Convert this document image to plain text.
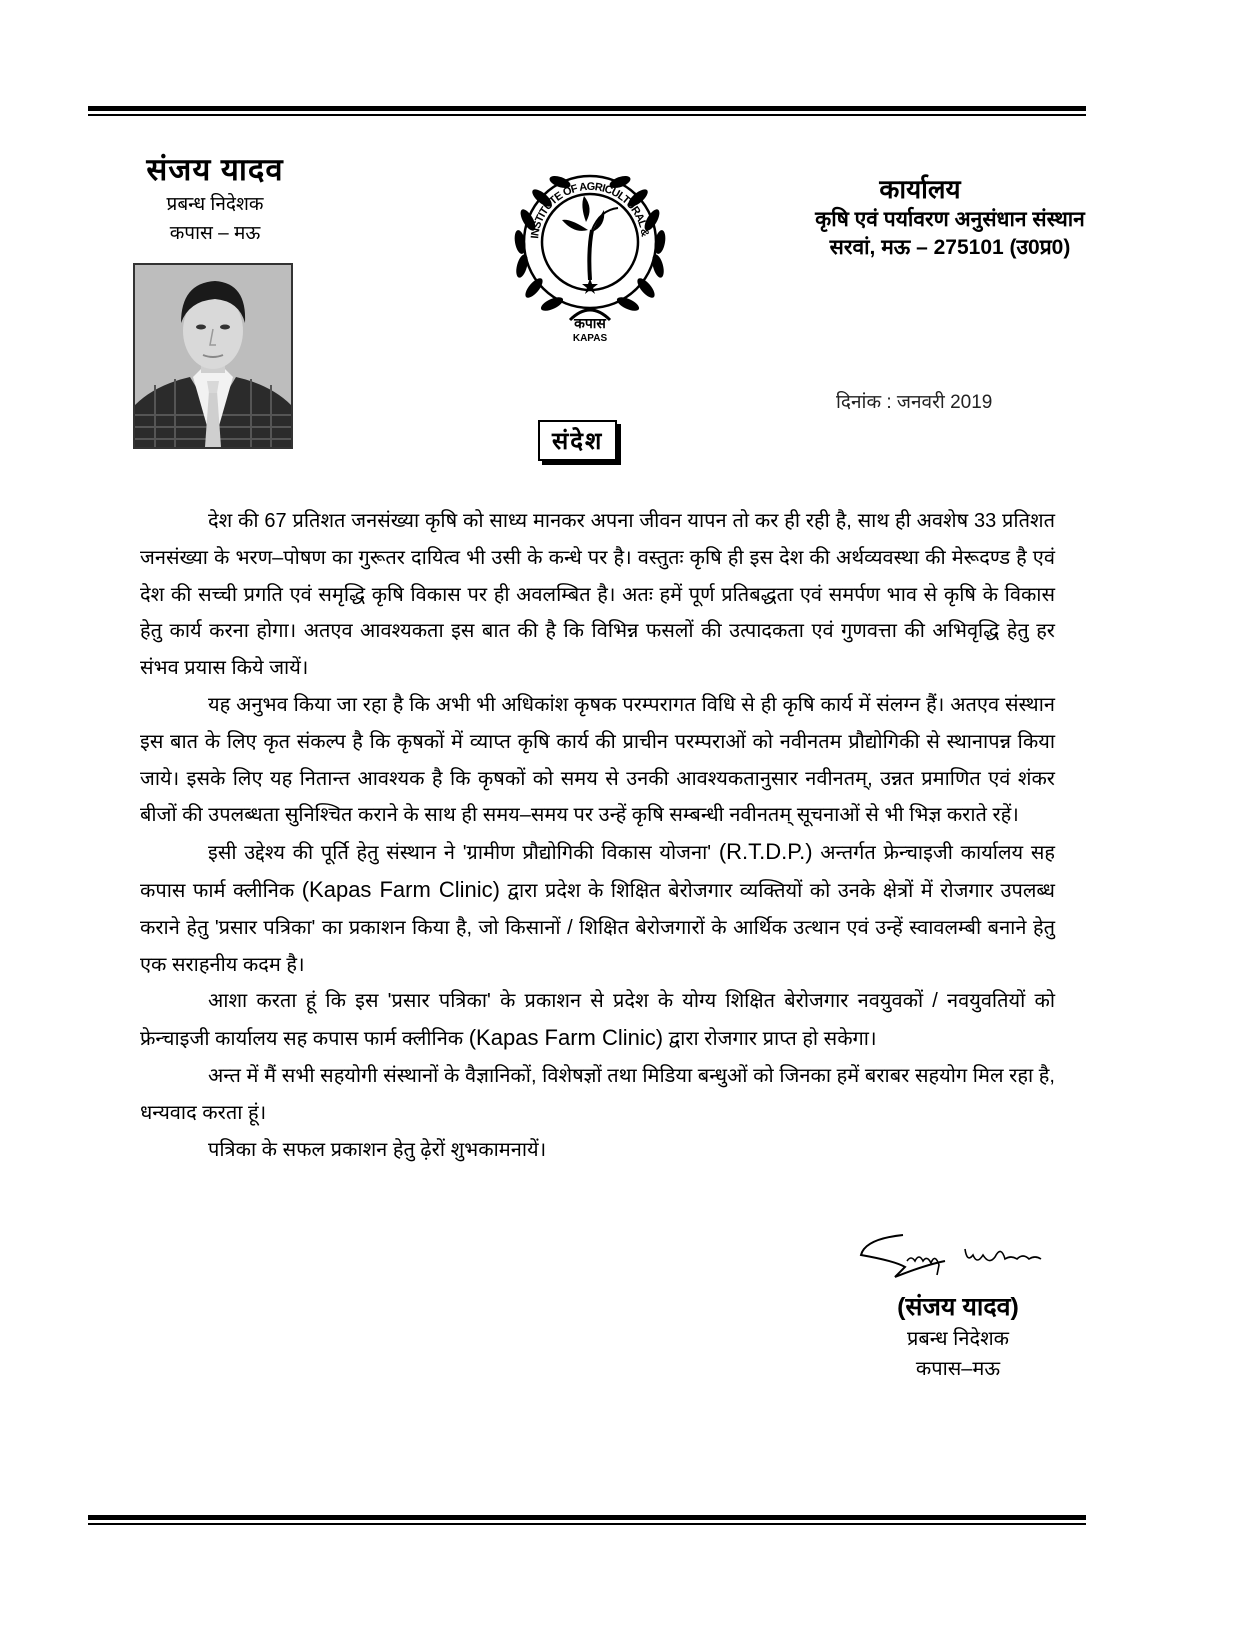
संजय यादव
प्रबन्ध निदेशक
कपास – मऊ	INSTITUTE OF AGRICULTURAL &
कपास
KAPAS
कार्यालय
कृषि एवं पर्यावरण अनुसंधान संस्थान
सरवां, मऊ – 275101 (उ0प्र0)
दिनांक : जनवरी 2019
संदेश

देश की 67 प्रतिशत जनसंख्या कृषि को साध्य मानकर अपना जीवन यापन तो कर ही रही है, साथ ही अवशेष 33 प्रतिशत जनसंख्या के भरण–पोषण का गुरूतर दायित्व भी उसी के कन्धे पर है। वस्तुतः कृषि ही इस देश की अर्थव्यवस्था की मेरूदण्ड है एवं देश की सच्ची प्रगति एवं समृद्धि कृषि विकास पर ही अवलम्बित है। अतः हमें पूर्ण प्रतिबद्धता एवं समर्पण भाव से कृषि के विकास हेतु कार्य करना होगा। अतएव आवश्यकता इस बात की है कि विभिन्न फसलों की उत्पादकता एवं गुणवत्ता की अभिवृद्धि हेतु हर संभव प्रयास किये जायें।

यह अनुभव किया जा रहा है कि अभी भी अधिकांश कृषक परम्परागत विधि से ही कृषि कार्य में संलग्न हैं। अतएव संस्थान इस बात के लिए कृत संकल्प है कि कृषकों में व्याप्त कृषि कार्य की प्राचीन परम्पराओं को नवीनतम प्रौद्योगिकी से स्थानापन्न किया जाये। इसके लिए यह नितान्त आवश्यक है कि कृषकों को समय से उनकी आवश्यकतानुसार नवीनतम्, उन्नत प्रमाणित एवं शंकर बीजों की उपलब्धता सुनिश्चित कराने के साथ ही समय–समय पर उन्हें कृषि सम्बन्धी नवीनतम् सूचनाओं से भी भिज्ञ कराते रहें।

इसी उद्देश्य की पूर्ति हेतु संस्थान ने 'ग्रामीण प्रौद्योगिकी विकास योजना' (R.T.D.P.) अन्तर्गत फ्रेन्चाइजी कार्यालय सह कपास फार्म क्लीनिक (Kapas Farm Clinic) द्वारा प्रदेश के शिक्षित बेरोजगार व्यक्तियों को उनके क्षेत्रों में रोजगार उपलब्ध कराने हेतु 'प्रसार पत्रिका' का प्रकाशन किया है, जो किसानों / शिक्षित बेरोजगारों के आर्थिक उत्थान एवं उन्हें स्वावलम्बी बनाने हेतु एक सराहनीय कदम है।

आशा करता हूं कि इस 'प्रसार पत्रिका' के प्रकाशन से प्रदेश के योग्य शिक्षित बेरोजगार नवयुवकों / नवयुवतियों को फ्रेन्चाइजी कार्यालय सह कपास फार्म क्लीनिक (Kapas Farm Clinic) द्वारा रोजगार प्राप्त हो सकेगा।

अन्त में मैं सभी सहयोगी संस्थानों के वैज्ञानिकों, विशेषज्ञों तथा मिडिया बन्धुओं को जिनका हमें बराबर सहयोग मिल रहा है, धन्यवाद करता हूं।

पत्रिका के सफल प्रकाशन हेतु ढ़ेरों शुभकामनायें।

(संजय यादव)
प्रबन्ध निदेशक
कपास–मऊ
